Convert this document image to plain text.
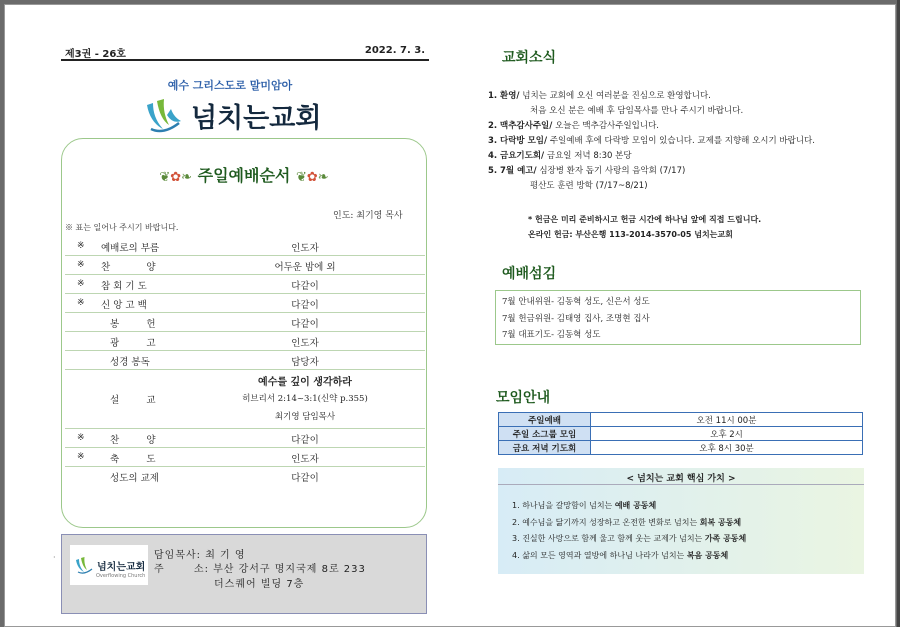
제3권 - 26호	2022. 7. 3.
예수 그리스도로 말미암아
넘치는교회
❦✿❧ 주일예배순서 ❦✿❧
인도: 최기영 목사
※ 표는 일어나 주시기 바랍니다.
※ 예배로의 부름	인도자
※ 찬            양	어두운 밤에 외
※ 참 회 기 도	다같이
※ 신 앙 고 백	다같이
봉         헌	다같이
광         고	인도자
성경 봉독	담당자
설         교
예수를 깊이 생각하라
히브리서 2:14~3:1(신약 p.355)
최기영 담임목사
※ 찬         양	다같이
※ 축         도	인도자
성도의 교제	다같이
·
넘치는교회
Overflowing Church
담임목사: 최 기 영
주       소: 부산 강서구 명지국제 8로 233
더스퀘어 빌딩 7층
교회소식
1. 환영/ 넘치는 교회에 오신 여러분을 진심으로 환영합니다.
처음 오신 분은 예배 후 담임목사를 만나 주시기 바랍니다.
2. 맥추감사주일/ 오늘은 맥추감사주일입니다.
3. 다락방 모임/ 주일예배 후에 다락방 모임이 있습니다. 교제를 지향해 오시기 바랍니다.
4. 금요기도회/ 금요일 저녁 8:30 본당
5. 7월 예고/ 심장병 환자 돕기 사랑의 음악회 (7/17)
평산도 훈련 방학 (7/17~8/21)
* 헌금은 미리 준비하시고 헌금 시간에 하나님 앞에 직접 드립니다.
온라인 헌금: 부산은행 113-2014-3570-05 넘치는교회
예배섬김
7월 안내위원- 김동혁 성도, 신은서 성도
7월 헌금위원- 김태영 집사, 조명현 집사
7월 대표기도- 김동혁 성도
모임안내
주일예배	오전 11시 00분
주일 소그룹 모임	오후 2시
금요 저녁 기도회	오후 8시 30분
< 넘치는 교회 핵심 가치 >
1. 하나님을 갈망함이 넘치는 예배 공동체
2. 예수님을 닮기까지 성장하고 온전한 변화로 넘치는 회복 공동체
3. 진실한 사랑으로 함께 울고 함께 웃는 교제가 넘치는 가족 공동체
4. 삶의 모든 영역과 열방에 하나님 나라가 넘치는 복음 공동체
